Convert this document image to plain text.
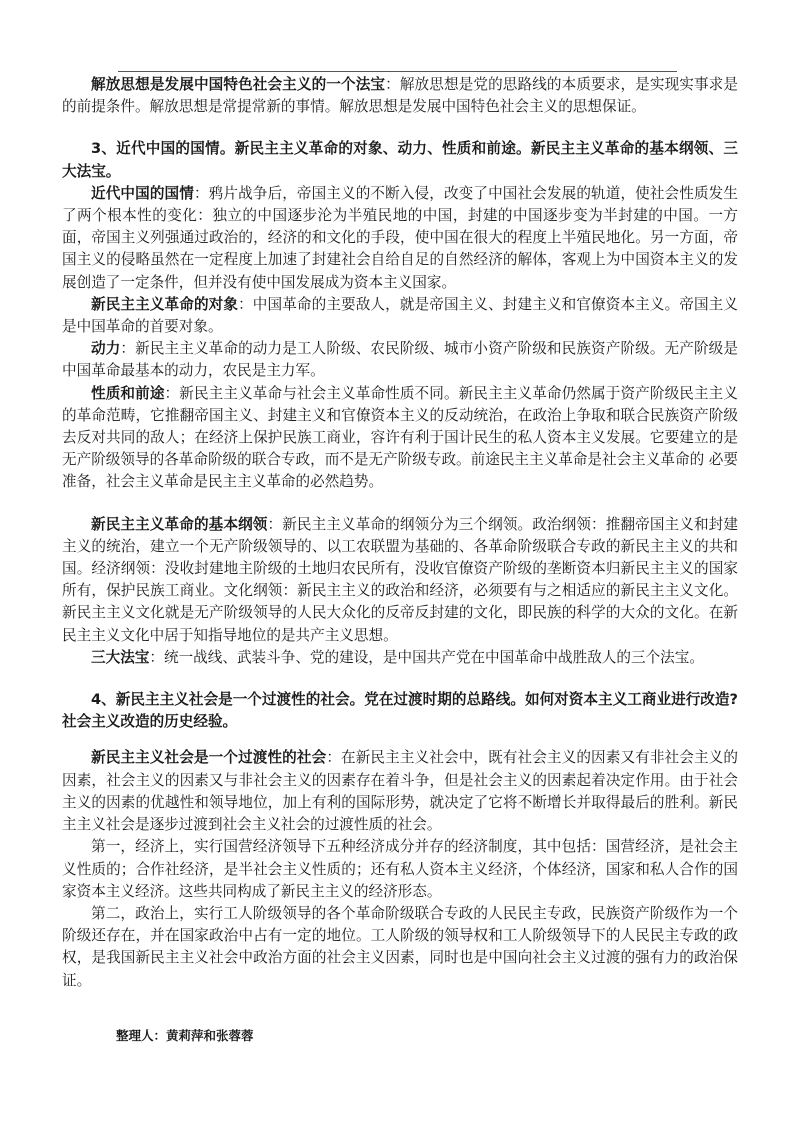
解放思想是发展中国特色社会主义的一个法宝：解放思想是党的思路线的本质要求，是实现实事求是的前提条件。解放思想是常提常新的事情。解放思想是发展中国特色社会主义的思想保证。

3、近代中国的国情。新民主主义革命的对象、动力、性质和前途。新民主主义革命的基本纲领、三大法宝。

近代中国的国情：鸦片战争后，帝国主义的不断入侵，改变了中国社会发展的轨道，使社会性质发生了两个根本性的变化：独立的中国逐步沦为半殖民地的中国，封建的中国逐步变为半封建的中国。一方面，帝国主义列强通过政治的，经济的和文化的手段，使中国在很大的程度上半殖民地化。另一方面，帝国主义的侵略虽然在一定程度上加速了封建社会自给自足的自然经济的解体，客观上为中国资本主义的发展创造了一定条件，但并没有使中国发展成为资本主义国家。

新民主主义革命的对象：中国革命的主要敌人，就是帝国主义、封建主义和官僚资本主义。帝国主义是中国革命的首要对象。

动力：新民主主义革命的动力是工人阶级、农民阶级、城市小资产阶级和民族资产阶级。无产阶级是中国革命最基本的动力，农民是主力军。

性质和前途：新民主主义革命与社会主义革命性质不同。新民主主义革命仍然属于资产阶级民主主义的革命范畴，它推翻帝国主义、封建主义和官僚资本主义的反动统治，在政治上争取和联合民族资产阶级去反对共同的敌人；在经济上保护民族工商业，容许有利于国计民生的私人资本主义发展。它要建立的是无产阶级领导的各革命阶级的联合专政，而不是无产阶级专政。前途民主主义革命是社会主义革命的 必要准备，社会主义革命是民主主义革命的必然趋势。

新民主主义革命的基本纲领：新民主主义革命的纲领分为三个纲领。政治纲领：推翻帝国主义和封建主义的统治，建立一个无产阶级领导的、以工农联盟为基础的、各革命阶级联合专政的新民主主义的共和国。经济纲领：没收封建地主阶级的土地归农民所有，没收官僚资产阶级的垄断资本归新民主主义的国家所有，保护民族工商业。文化纲领：新民主主义的政治和经济，必须要有与之相适应的新民主主义文化。新民主主义文化就是无产阶级领导的人民大众化的反帝反封建的文化，即民族的科学的大众的文化。在新民主主义文化中居于知指导地位的是共产主义思想。

三大法宝：统一战线、武装斗争、党的建设，是中国共产党在中国革命中战胜敌人的三个法宝。

4、新民主主义社会是一个过渡性的社会。党在过渡时期的总路线。如何对资本主义工商业进行改造?社会主义改造的历史经验。

新民主主义社会是一个过渡性的社会：在新民主主义社会中，既有社会主义的因素又有非社会主义的因素，社会主义的因素又与非社会主义的因素存在着斗争，但是社会主义的因素起着决定作用。由于社会主义的因素的优越性和领导地位，加上有利的国际形势，就决定了它将不断增长并取得最后的胜利。新民主主义社会是逐步过渡到社会主义社会的过渡性质的社会。

第一，经济上，实行国营经济领导下五种经济成分并存的经济制度，其中包括：国营经济，是社会主义性质的；合作社经济，是半社会主义性质的；还有私人资本主义经济，个体经济，国家和私人合作的国家资本主义经济。这些共同构成了新民主主义的经济形态。

第二，政治上，实行工人阶级领导的各个革命阶级联合专政的人民民主专政，民族资产阶级作为一个阶级还存在，并在国家政治中占有一定的地位。工人阶级的领导权和工人阶级领导下的人民民主专政的政权，是我国新民主主义社会中政治方面的社会主义因素，同时也是中国向社会主义过渡的强有力的政治保证。

整理人：黄莉萍和张蓉蓉
